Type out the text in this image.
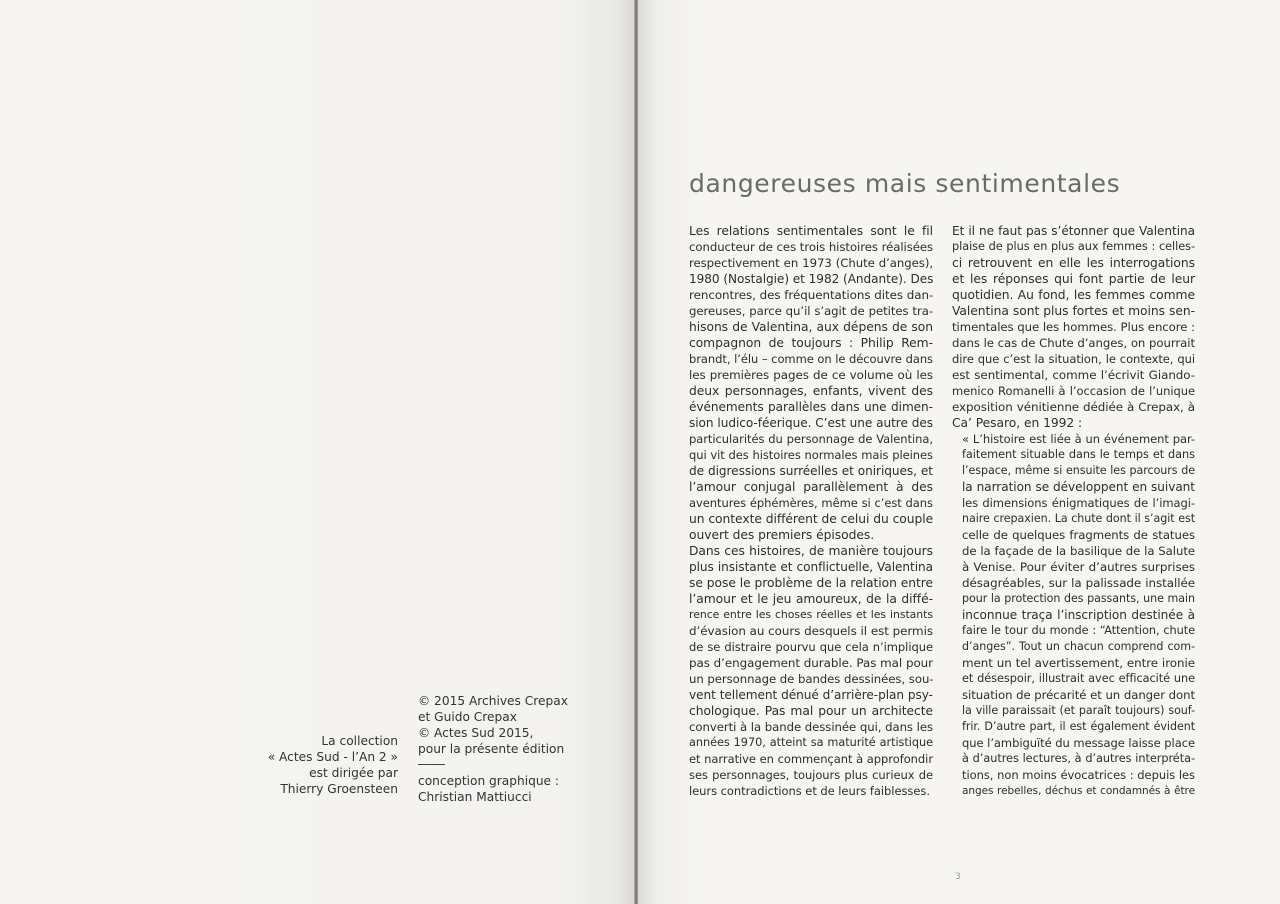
La collection
« Actes Sud - l’An 2 »
est dirigée par
Thierry Groensteen
© 2015 Archives Crepax
et Guido Crepax
© Actes Sud 2015,
pour la présente édition
conception graphique :
Christian Mattiucci
dangereuses mais sentimentales
Les relations sentimentales sont le fil
conducteur de ces trois histoires réalisées
respectivement en 1973 (Chute d’anges),
1980 (Nostalgie) et 1982 (Andante). Des
rencontres, des fréquentations dites dan-
gereuses, parce qu’il s’agit de petites tra-
hisons de Valentina, aux dépens de son
compagnon de toujours : Philip Rem-
brandt, l’élu – comme on le découvre dans
les premières pages de ce volume où les
deux personnages, enfants, vivent des
événements parallèles dans une dimen-
sion ludico-féerique. C’est une autre des
particularités du personnage de Valentina,
qui vit des histoires normales mais pleines
de digressions surréelles et oniriques, et
l’amour conjugal parallèlement à des
aventures éphémères, même si c’est dans
un contexte différent de celui du couple
ouvert des premiers épisodes.
Dans ces histoires, de manière toujours
plus insistante et conflictuelle, Valentina
se pose le problème de la relation entre
l’amour et le jeu amoureux, de la diffé-
rence entre les choses réelles et les instants
d’évasion au cours desquels il est permis
de se distraire pourvu que cela n’implique
pas d’engagement durable. Pas mal pour
un personnage de bandes dessinées, sou-
vent tellement dénué d’arrière-plan psy-
chologique. Pas mal pour un architecte
converti à la bande dessinée qui, dans les
années 1970, atteint sa maturité artistique
et narrative en commençant à approfondir
ses personnages, toujours plus curieux de
leurs contradictions et de leurs faiblesses.
Et il ne faut pas s’étonner que Valentina
plaise de plus en plus aux femmes : celles-
ci retrouvent en elle les interrogations
et les réponses qui font partie de leur
quotidien. Au fond, les femmes comme
Valentina sont plus fortes et moins sen-
timentales que les hommes. Plus encore :
dans le cas de Chute d’anges, on pourrait
dire que c’est la situation, le contexte, qui
est sentimental, comme l’écrivit Giando-
menico Romanelli à l’occasion de l’unique
exposition vénitienne dédiée à Crepax, à
Ca’ Pesaro, en 1992 :
« L’histoire est liée à un événement par-
faitement situable dans le temps et dans
l’espace, même si ensuite les parcours de
la narration se développent en suivant
les dimensions énigmatiques de l’imagi-
naire crepaxien. La chute dont il s’agit est
celle de quelques fragments de statues
de la façade de la basilique de la Salute
à Venise. Pour éviter d’autres surprises
désagréables, sur la palissade installée
pour la protection des passants, une main
inconnue traça l’inscription destinée à
faire le tour du monde : “Attention, chute
d’anges”. Tout un chacun comprend com-
ment un tel avertissement, entre ironie
et désespoir, illustrait avec efficacité une
situation de précarité et un danger dont
la ville paraissait (et paraît toujours) souf-
frir. D’autre part, il est également évident
que l’ambiguïté du message laisse place
à d’autres lectures, à d’autres interpréta-
tions, non moins évocatrices : depuis les
anges rebelles, déchus et condamnés à être
3
